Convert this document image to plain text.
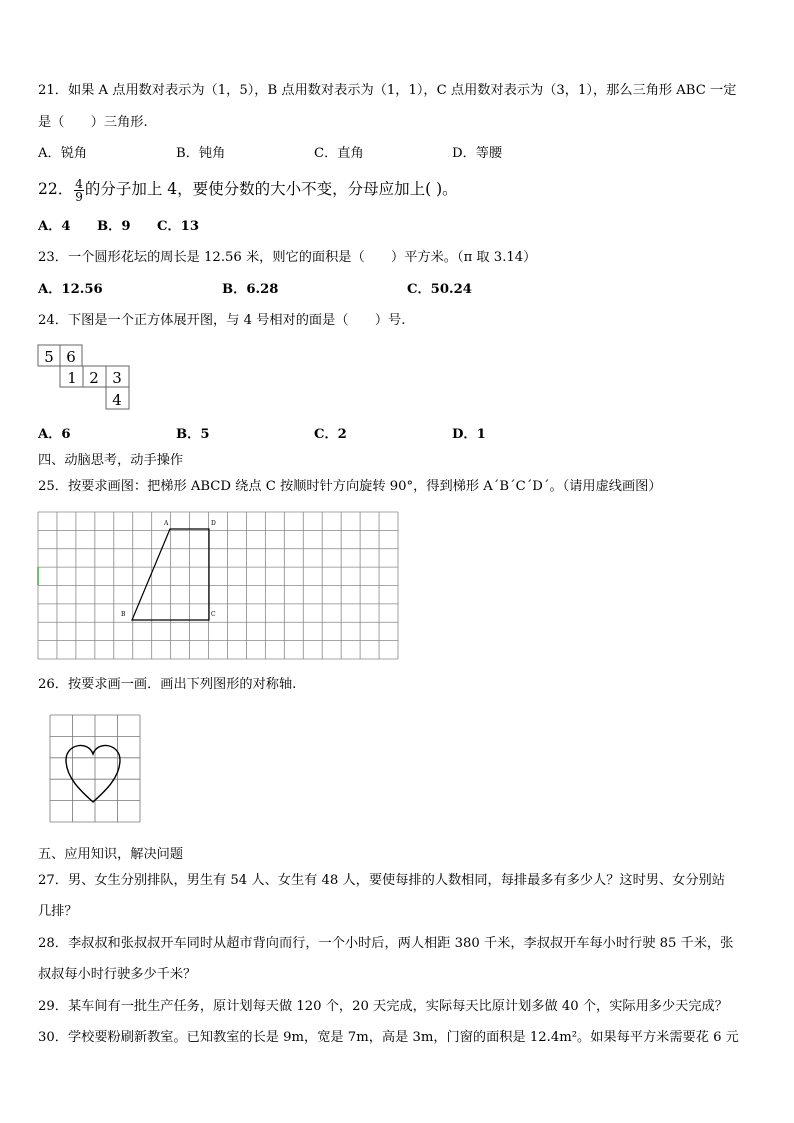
21．如果 A 点用数对表示为（1，5），B 点用数对表示为（1，1），C 点用数对表示为（3，1），那么三角形 ABC 一定
是（　　）三角形.
A．锐角	B．钝角	C．直角	D．等腰
22． $\frac{4}{9}$ 的分子加上 4，要使分数的大小不变，分母应加上( )。
A．4 B．9 C．13
23．一个圆形花坛的周长是 12.56 米，则它的面积是（　　）平方米。（π 取 3.14）
A．12.56	B．6.28	C．50.24
24．下图是一个正方体展开图，与 4 号相对的面是（　　）号.
5 6
1 2 3
4
A．6	B．5	C．2	D．1
四、动脑思考，动手操作
25．按要求画图：把梯形 ABCD 绕点 C 按顺时针方向旋转 90°，得到梯形 A´B´C´D´。（请用虚线画图）
A	D
B	C
26．按要求画一画．画出下列图形的对称轴.
五、应用知识，解决问题
27．男、女生分别排队，男生有 54 人、女生有 48 人，要使每排的人数相同，每排最多有多少人？这时男、女分别站
几排？
28．李叔叔和张叔叔开车同时从超市背向而行，一个小时后，两人相距 380 千米，李叔叔开车每小时行驶 85 千米，张
叔叔每小时行驶多少千米？
29．某车间有一批生产任务，原计划每天做 120 个，20 天完成，实际每天比原计划多做 40 个，实际用多少天完成？
30．学校要粉刷新教室。已知教室的长是 9m，宽是 7m，高是 3m，门窗的面积是 12.4m²。如果每平方米需要花 6 元
